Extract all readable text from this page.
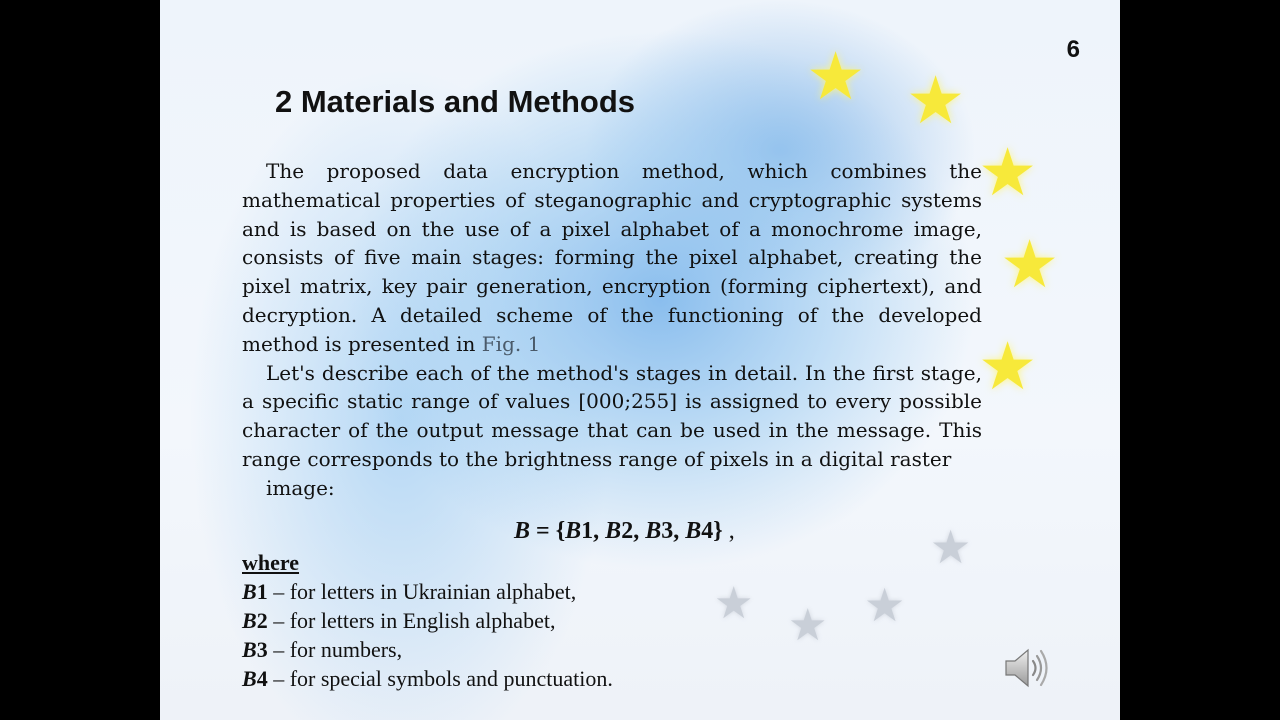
★ ★
★
★
★
★
★
★
★
6
2 Materials and Methods

The proposed data encryption method, which combines the mathematical properties of steganographic and cryptographic systems and is based on the use of a pixel alphabet of a monochrome image, consists of five main stages: forming the pixel alphabet, creating the pixel matrix, key pair generation, encryption (forming ciphertext), and decryption. A detailed scheme of the functioning of the developed method is presented in Fig. 1

Let's describe each of the method's stages in detail. In the first stage, a specific static range of values [000;255] is assigned to every possible character of the output message that can be used in the message. This range corresponds to the brightness range of pixels in a digital raster

image:

B = {B1, B2, B3, B4} ,
where
B1 – for letters in Ukrainian alphabet,
B2 – for letters in English alphabet,
B3 – for numbers,
B4 – for special symbols and punctuation.
